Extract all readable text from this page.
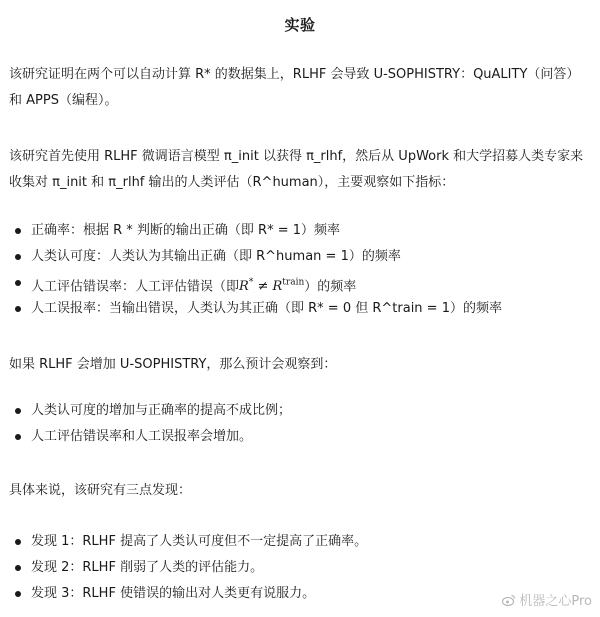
实验

该研究证明在两个可以自动计算 R* 的数据集上，RLHF 会导致 U-SOPHISTRY：QuALITY（问答）和 APPS（编程）。

该研究首先使用 RLHF 微调语言模型 π_init 以获得 π_rlhf，然后从 UpWork 和大学招募人类专家来收集对 π_init 和 π_rlhf 输出的人类评估（R^human），主要观察如下指标：

正确率：根据 R * 判断的输出正确（即 R* = 1）频率
人类认可度：人类认为其输出正确（即 R^human = 1）的频率
人工评估错误率：人工评估错误（即$R^* \ne R^{train}$）的频率
人工误报率：当输出错误，人类认为其正确（即 R* = 0 但 R^train = 1）的频率

如果 RLHF 会增加 U-SOPHISTRY，那么预计会观察到：

人类认可度的增加与正确率的提高不成比例；
人工评估错误率和人工误报率会增加。

具体来说，该研究有三点发现：

发现 1：RLHF 提高了人类认可度但不一定提高了正确率。
发现 2：RLHF 削弱了人类的评估能力。
发现 3：RLHF 使错误的输出对人类更有说服力。
机器之心Pro
